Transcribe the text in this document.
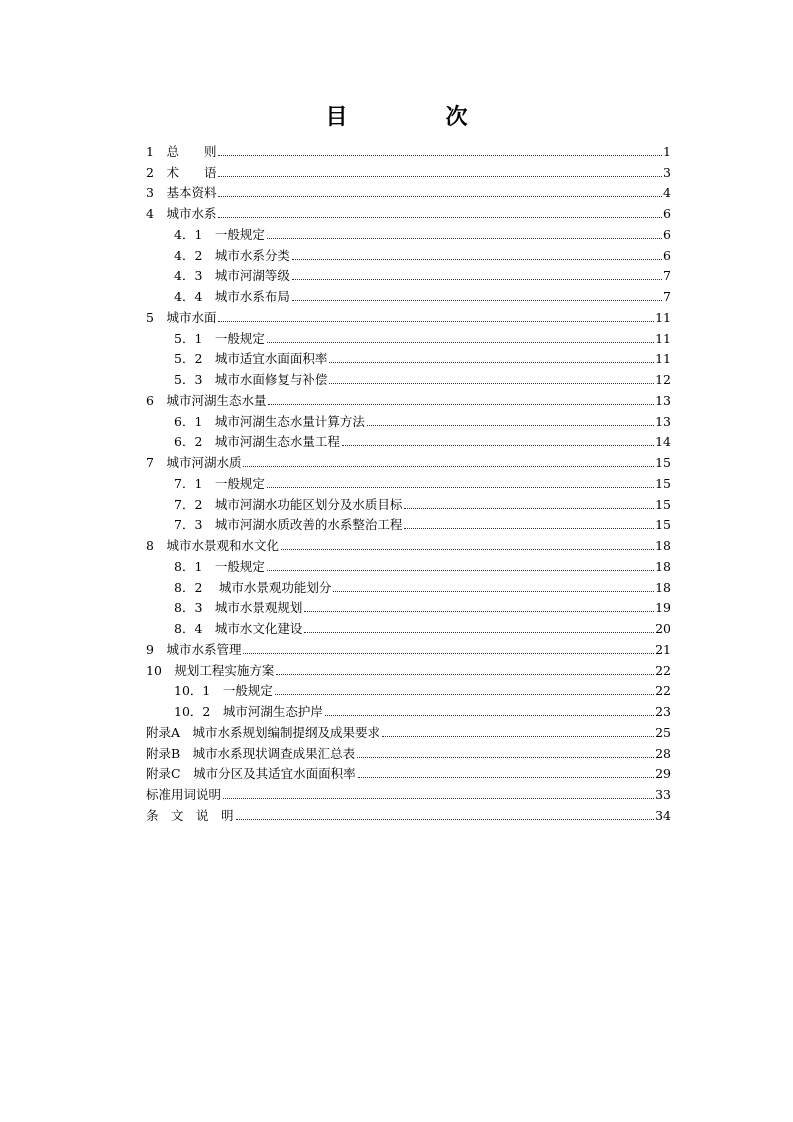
目　次
1　总　　则	1
2　术　　语	3
3　基本资料	4
4　城市水系	6
4．1　一般规定	6
4．2　城市水系分类	6
4．3　城市河湖等级	7
4．4　城市水系布局	7
5　城市水面	11
5．1　一般规定	11
5．2　城市适宜水面面积率	11
5．3　城市水面修复与补偿	12
6　城市河湖生态水量	13
6．1　城市河湖生态水量计算方法	13
6．2　城市河湖生态水量工程	14
7　城市河湖水质	15
7．1　一般规定	15
7．2　城市河湖水功能区划分及水质目标	15
7．3　城市河湖水质改善的水系整治工程	15
8　城市水景观和水文化	18
8．1　一般规定	18
8．2　 城市水景观功能划分	18
8．3　城市水景观规划	19
8．4　城市水文化建设	20
9　城市水系管理	21
10　规划工程实施方案	22
10．1　一般规定	22
10．2　城市河湖生态护岸	23
附录A　城市水系规划编制提纲及成果要求	25
附录B　城市水系现状调查成果汇总表	28
附录C　城市分区及其适宜水面面积率	29
标准用词说明	33
条　文　说　明	34
